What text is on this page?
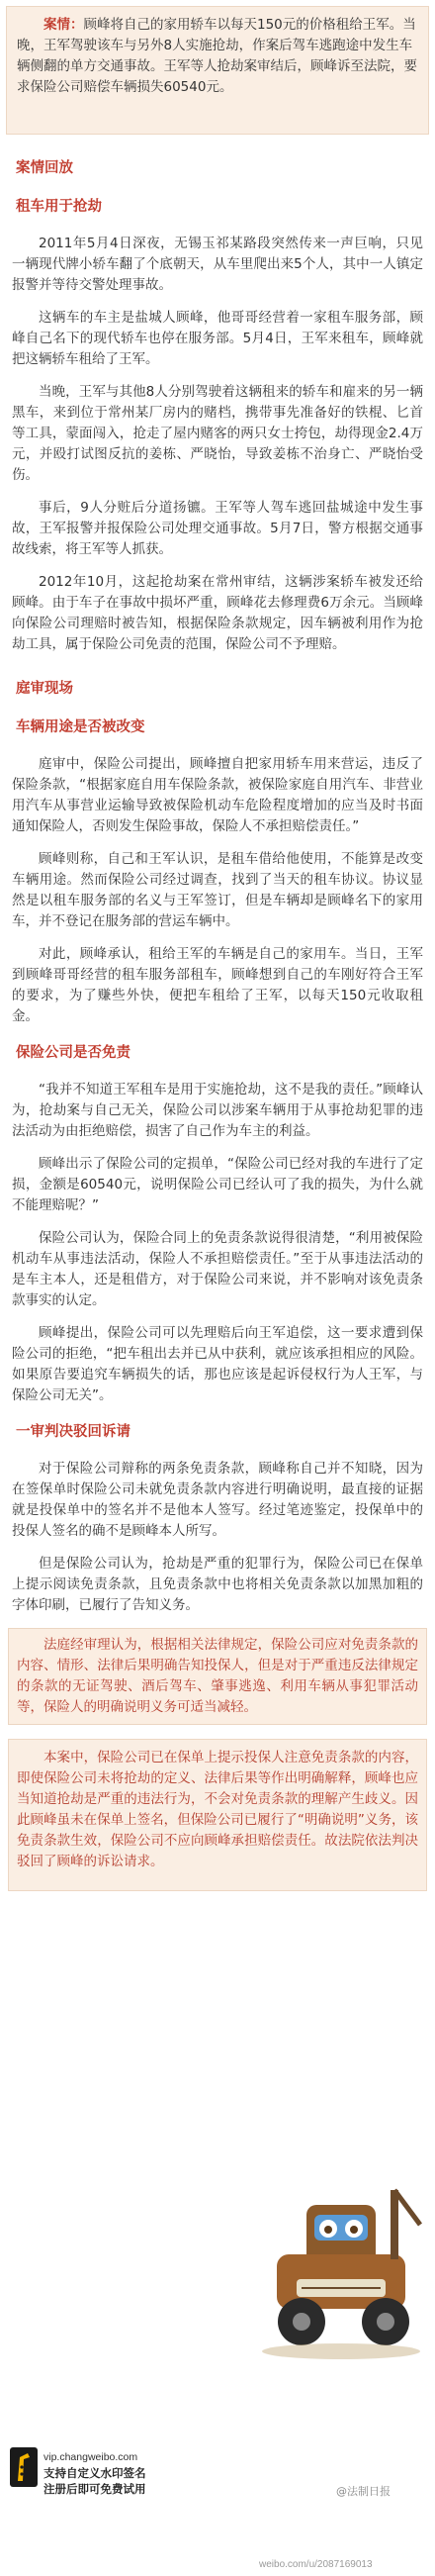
案情：顾峰将自己的家用轿车以每天150元的价格租给王军。当晚，王军驾驶该车与另外8人实施抢劫，作案后驾车逃跑途中发生车辆侧翻的单方交通事故。王军等人抢劫案审结后，顾峰诉至法院，要求保险公司赔偿车辆损失60540元。
案情回放
租车用于抢劫

2011年5月4日深夜，无锡玉祁某路段突然传来一声巨响，只见一辆现代牌小轿车翻了个底朝天，从车里爬出来5个人，其中一人镇定报警并等待交警处理事故。

这辆车的车主是盐城人顾峰，他哥哥经营着一家租车服务部，顾峰自己名下的现代轿车也停在服务部。5月4日，王军来租车，顾峰就把这辆轿车租给了王军。

当晚，王军与其他8人分别驾驶着这辆租来的轿车和雇来的另一辆黑车，来到位于常州某厂房内的赌档，携带事先准备好的铁棍、匕首等工具，蒙面闯入，抢走了屋内赌客的两只女士挎包，劫得现金2.4万元，并殴打试图反抗的姜栋、严晓怡，导致姜栋不治身亡、严晓怡受伤。

事后，9人分赃后分道扬镳。王军等人驾车逃回盐城途中发生事故，王军报警并报保险公司处理交通事故。5月7日，警方根据交通事故线索，将王军等人抓获。

2012年10月，这起抢劫案在常州审结，这辆涉案轿车被发还给顾峰。由于车子在事故中损坏严重，顾峰花去修理费6万余元。当顾峰向保险公司理赔时被告知，根据保险条款规定，因车辆被利用作为抢劫工具，属于保险公司免责的范围，保险公司不予理赔。

庭审现场
车辆用途是否被改变

庭审中，保险公司提出，顾峰擅自把家用轿车用来营运，违反了保险条款，“根据家庭自用车保险条款，被保险家庭自用汽车、非营业用汽车从事营业运输导致被保险机动车危险程度增加的应当及时书面通知保险人，否则发生保险事故，保险人不承担赔偿责任。”

顾峰则称，自己和王军认识，是租车借给他使用，不能算是改变车辆用途。然而保险公司经过调查，找到了当天的租车协议。协议显然是以租车服务部的名义与王军签订，但是车辆却是顾峰名下的家用车，并不登记在服务部的营运车辆中。

对此，顾峰承认，租给王军的车辆是自己的家用车。当日，王军到顾峰哥哥经营的租车服务部租车，顾峰想到自己的车刚好符合王军的要求，为了赚些外快，便把车租给了王军，以每天150元收取租金。

保险公司是否免责

“我并不知道王军租车是用于实施抢劫，这不是我的责任。”顾峰认为，抢劫案与自己无关，保险公司以涉案车辆用于从事抢劫犯罪的违法活动为由拒绝赔偿，损害了自己作为车主的利益。

顾峰出示了保险公司的定损单，“保险公司已经对我的车进行了定损，金额是60540元，说明保险公司已经认可了我的损失，为什么就不能理赔呢？”

保险公司认为，保险合同上的免责条款说得很清楚，“利用被保险机动车从事违法活动，保险人不承担赔偿责任。”至于从事违法活动的是车主本人，还是租借方，对于保险公司来说，并不影响对该免责条款事实的认定。

顾峰提出，保险公司可以先理赔后向王军追偿，这一要求遭到保险公司的拒绝，“把车租出去并已从中获利，就应该承担相应的风险。如果原告要追究车辆损失的话，那也应该是起诉侵权行为人王军，与保险公司无关”。

一审判决驳回诉请

对于保险公司辩称的两条免责条款，顾峰称自己并不知晓，因为在签保单时保险公司未就免责条款内容进行明确说明，最直接的证据就是投保单中的签名并不是他本人签写。经过笔迹鉴定，投保单中的投保人签名的确不是顾峰本人所写。

但是保险公司认为，抢劫是严重的犯罪行为，保险公司已在保单上提示阅读免责条款，且免责条款中也将相关免责条款以加黑加粗的字体印刷，已履行了告知义务。

法庭经审理认为，根据相关法律规定，保险公司应对免责条款的内容、情形、法律后果明确告知投保人，但是对于严重违反法律规定的条款的无证驾驶、酒后驾车、肇事逃逸、利用车辆从事犯罪活动等，保险人的明确说明义务可适当减轻。

本案中，保险公司已在保单上提示投保人注意免责条款的内容，即使保险公司未将抢劫的定义、法律后果等作出明确解释，顾峰也应当知道抢劫是严重的违法行为，不会对免责条款的理解产生歧义。因此顾峰虽未在保单上签名，但保险公司已履行了“明确说明”义务，该免责条款生效，保险公司不应向顾峰承担赔偿责任。故法院依法判决驳回了顾峰的诉讼请求。

vip.changweibo.com
支持自定义水印签名
注册后即可免费试用	@法制日报
weibo.com/u/2087169013
